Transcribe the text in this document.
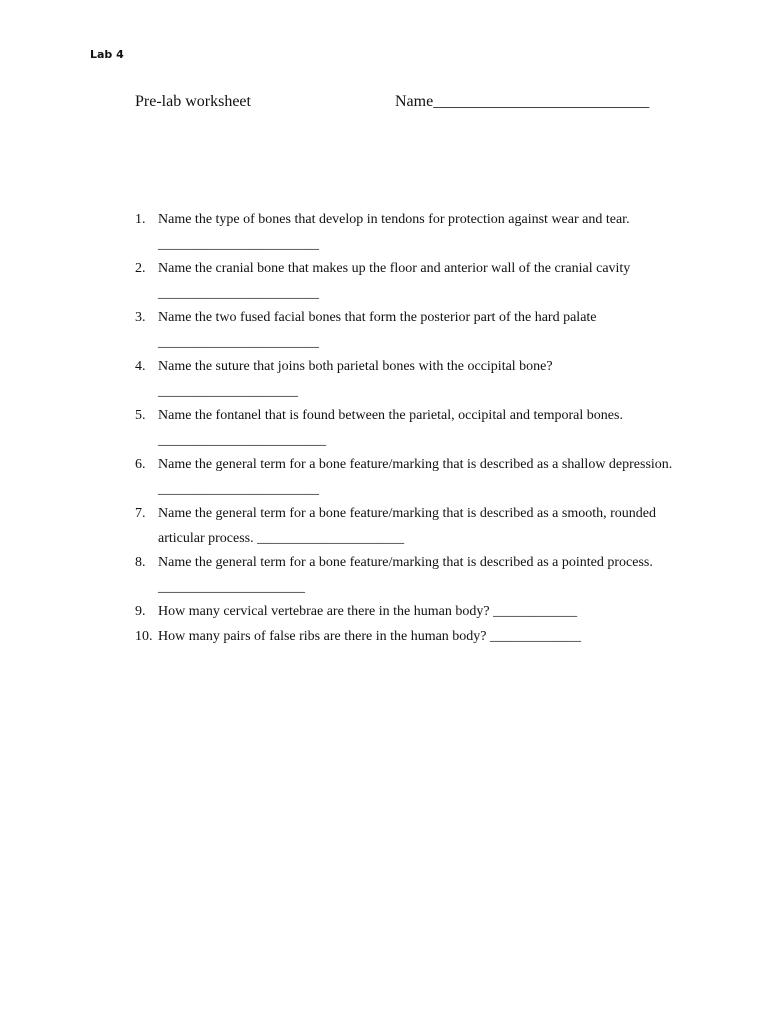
Lab 4
Pre-lab worksheet	Name___________________________
1. Name the type of bones that develop in tendons for protection against wear and tear.
_______________________
2. Name the cranial bone that makes up the floor and anterior wall of the cranial cavity
_______________________
3. Name the two fused facial bones that form the posterior part of the hard palate
_______________________
4. Name the suture that joins both parietal bones with the occipital bone?
____________________
5. Name the fontanel that is found between the parietal, occipital and temporal bones.
________________________
6. Name the general term for a bone feature/marking that is described as a shallow depression.
_______________________
7. Name the general term for a bone feature/marking that is described as a smooth, rounded articular process. _____________________
8. Name the general term for a bone feature/marking that is described as a pointed process.
_____________________
9. How many cervical vertebrae are there in the human body? ____________
10. How many pairs of false ribs are there in the human body? _____________
